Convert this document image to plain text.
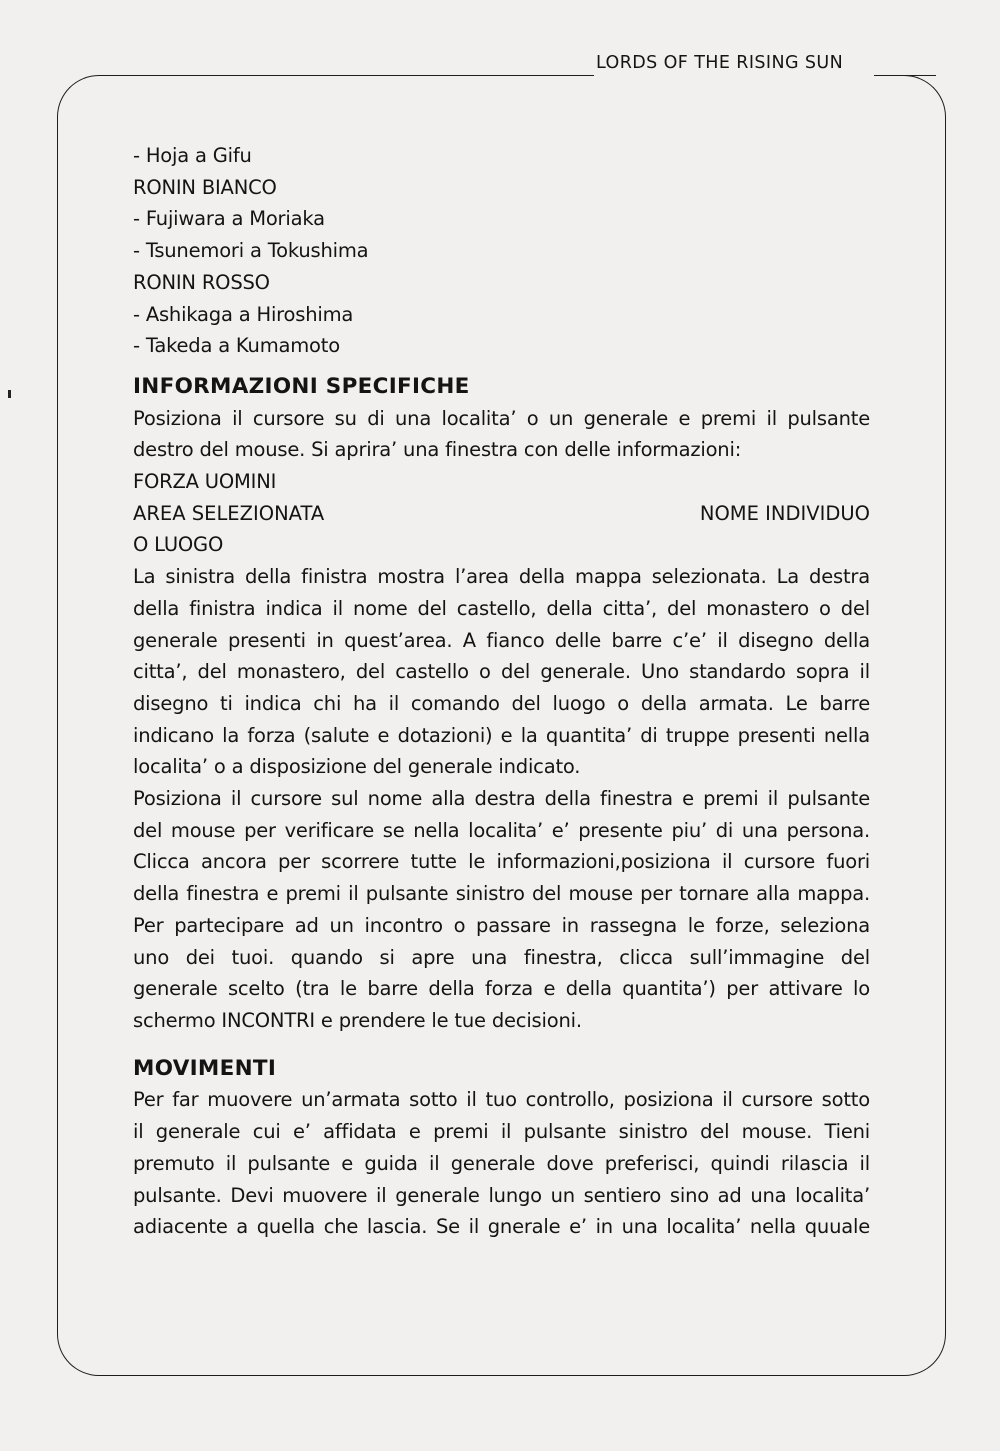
LORDS OF THE RISING SUN
- Hoja a Gifu
RONIN BIANCO
- Fujiwara a Moriaka
- Tsunemori a Tokushima
RONIN ROSSO
- Ashikaga a Hiroshima
- Takeda a Kumamoto
INFORMAZIONI SPECIFICHE
Posiziona il cursore su di una localita’ o un generale e premi il pulsante
destro del mouse. Si aprira’ una finestra con delle informazioni:
FORZA UOMINI
AREA SELEZIONATA	NOME INDIVIDUO
O LUOGO
La sinistra della finistra mostra l’area della mappa selezionata. La destra
della finistra indica il nome del castello, della citta’, del monastero o del
generale presenti in quest’area. A fianco delle barre c’e’ il disegno della
citta’, del monastero, del castello o del generale. Uno standardo sopra il
disegno ti indica chi ha il comando del luogo o della armata. Le barre
indicano la forza (salute e dotazioni) e la quantita’ di truppe presenti nella
localita’ o a disposizione del generale indicato.
Posiziona il cursore sul nome alla destra della finestra e premi il pulsante
del mouse per verificare se nella localita’ e’ presente piu’ di una persona.
Clicca ancora per scorrere tutte le informazioni,posiziona il cursore fuori
della finestra e premi il pulsante sinistro del mouse per tornare alla mappa.
Per partecipare ad un incontro o passare in rassegna le forze, seleziona
uno dei tuoi. quando si apre una finestra, clicca sull’immagine del
generale scelto (tra le barre della forza e della quantita’) per attivare lo
schermo INCONTRI e prendere le tue decisioni.
MOVIMENTI
Per far muovere un’armata sotto il tuo controllo, posiziona il cursore sotto
il generale cui e’ affidata e premi il pulsante sinistro del mouse. Tieni
premuto il pulsante e guida il generale dove preferisci, quindi rilascia il
pulsante. Devi muovere il generale lungo un sentiero sino ad una localita’
adiacente a quella che lascia. Se il gnerale e’ in una localita’ nella quuale
